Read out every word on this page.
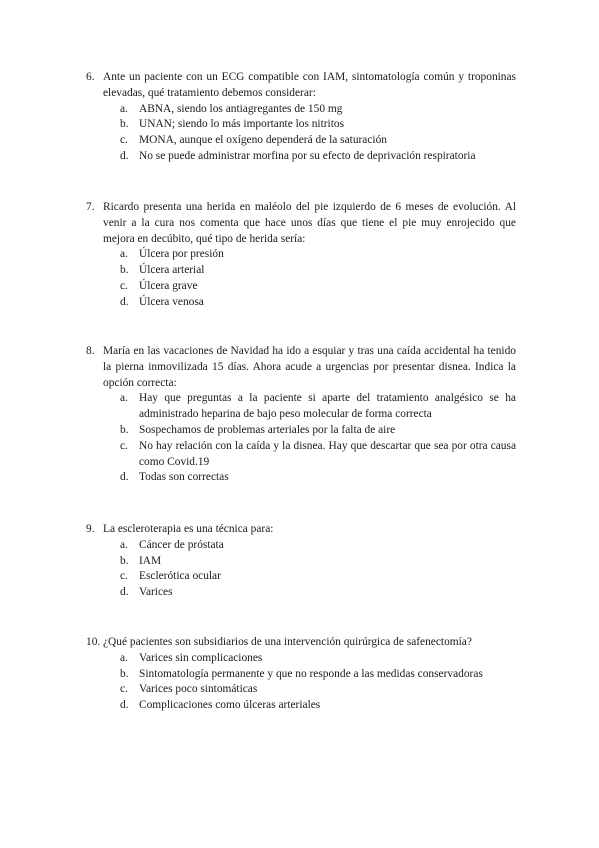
6. Ante un paciente con un ECG compatible con IAM, sintomatología común y troponinas elevadas, qué tratamiento debemos considerar:
a. ABNA, siendo los antiagregantes de 150 mg
b. UNAN; siendo lo más importante los nitritos
c. MONA, aunque el oxígeno dependerá de la saturación
d. No se puede administrar morfina por su efecto de deprivación respiratoria
7. Ricardo presenta una herida en maléolo del pie izquierdo de 6 meses de evolución. Al venir a la cura nos comenta que hace unos días que tiene el pie muy enrojecido que mejora en decúbito, qué tipo de herida sería:
a. Úlcera por presión
b. Úlcera arterial
c. Úlcera grave
d. Úlcera venosa
8. María en las vacaciones de Navidad ha ido a esquiar y tras una caída accidental ha tenido la pierna inmovilizada 15 días. Ahora acude a urgencias por presentar disnea. Indica la opción correcta:
a. Hay que preguntas a la paciente si aparte del tratamiento analgésico se ha administrado heparina de bajo peso molecular de forma correcta
b. Sospechamos de problemas arteriales por la falta de aire
c. No hay relación con la caída y la disnea. Hay que descartar que sea por otra causa como Covid.19
d. Todas son correctas
9. La escleroterapia es una técnica para:
a. Cáncer de próstata
b. IAM
c. Esclerótica ocular
d. Varices
10. ¿Qué pacientes son subsidiarios de una intervención quirúrgica de safenectomía?
a. Varices sin complicaciones
b. Sintomatología permanente y que no responde a las medidas conservadoras
c. Varices poco sintomáticas
d. Complicaciones como úlceras arteriales
